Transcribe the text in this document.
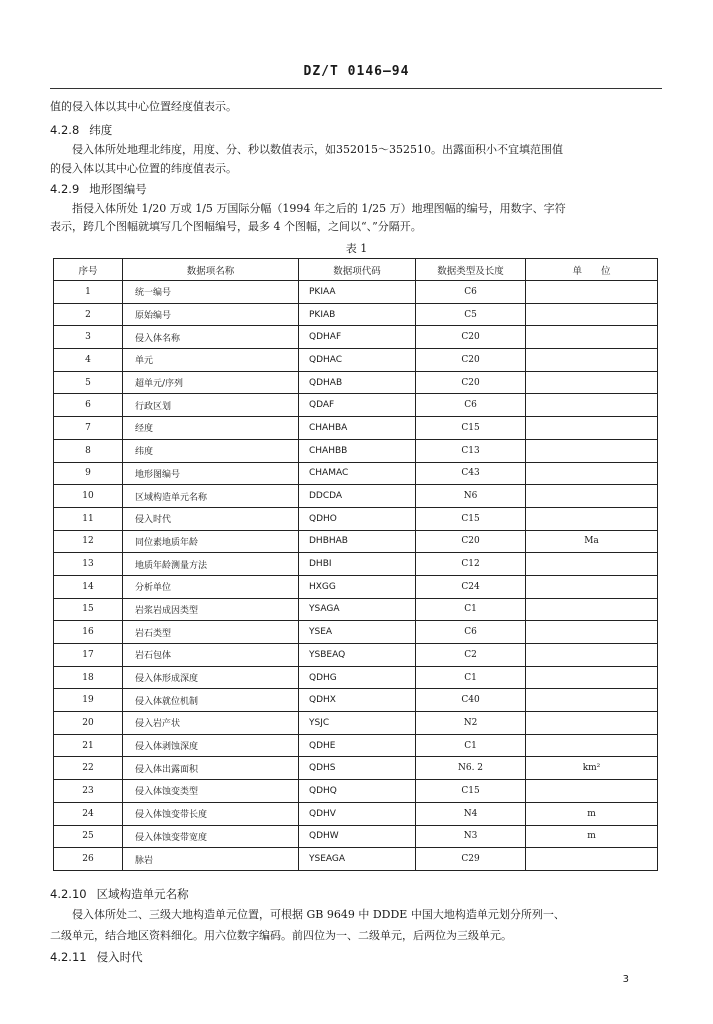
DZ/T 0146—94
值的侵入体以其中心位置经度值表示。
4.2.8 纬度
侵入体所处地理北纬度，用度、分、秒以数值表示，如352015～352510。出露面积小不宜填范围值
的侵入体以其中心位置的纬度值表示。
4.2.9 地形图编号
指侵入体所处 1/20 万或 1/5 万国际分幅（1994 年之后的 1/25 万）地理图幅的编号，用数字、字符
表示，跨几个图幅就填写几个图幅编号，最多 4 个图幅，之间以“、”分隔开。
表 1
序号	数据项名称	数据项代码	数据类型及长度	单　　位
1	统一编号	PKIAA	C6	
2	原始编号	PKIAB	C5	
3	侵入体名称	QDHAF	C20	
4	单元	QDHAC	C20	
5	超单元/序列	QDHAB	C20	
6	行政区划	QDAF	C6	
7	经度	CHAHBA	C15	
8	纬度	CHAHBB	C13	
9	地形图编号	CHAMAC	C43	
10	区域构造单元名称	DDCDA	N6	
11	侵入时代	QDHO	C15	
12	同位素地质年龄	DHBHAB	C20	Ma
13	地质年龄测量方法	DHBI	C12	
14	分析单位	HXGG	C24	
15	岩浆岩成因类型	YSAGA	C1	
16	岩石类型	YSEA	C6	
17	岩石包体	YSBEAQ	C2	
18	侵入体形成深度	QDHG	C1	
19	侵入体就位机制	QDHX	C40	
20	侵入岩产状	YSJC	N2	
21	侵入体剥蚀深度	QDHE	C1	
22	侵入体出露面积	QDHS	N6. 2	km²
23	侵入体蚀变类型	QDHQ	C15	
24	侵入体蚀变带长度	QDHV	N4	m
25	侵入体蚀变带宽度	QDHW	N3	m
26	脉岩	YSEAGA	C29	
4.2.10 区域构造单元名称
侵入体所处二、三级大地构造单元位置，可根据 GB 9649 中 DDDE 中国大地构造单元划分所列一、
二级单元，结合地区资料细化。用六位数字编码。前四位为一、二级单元，后两位为三级单元。
4.2.11 侵入时代
3
